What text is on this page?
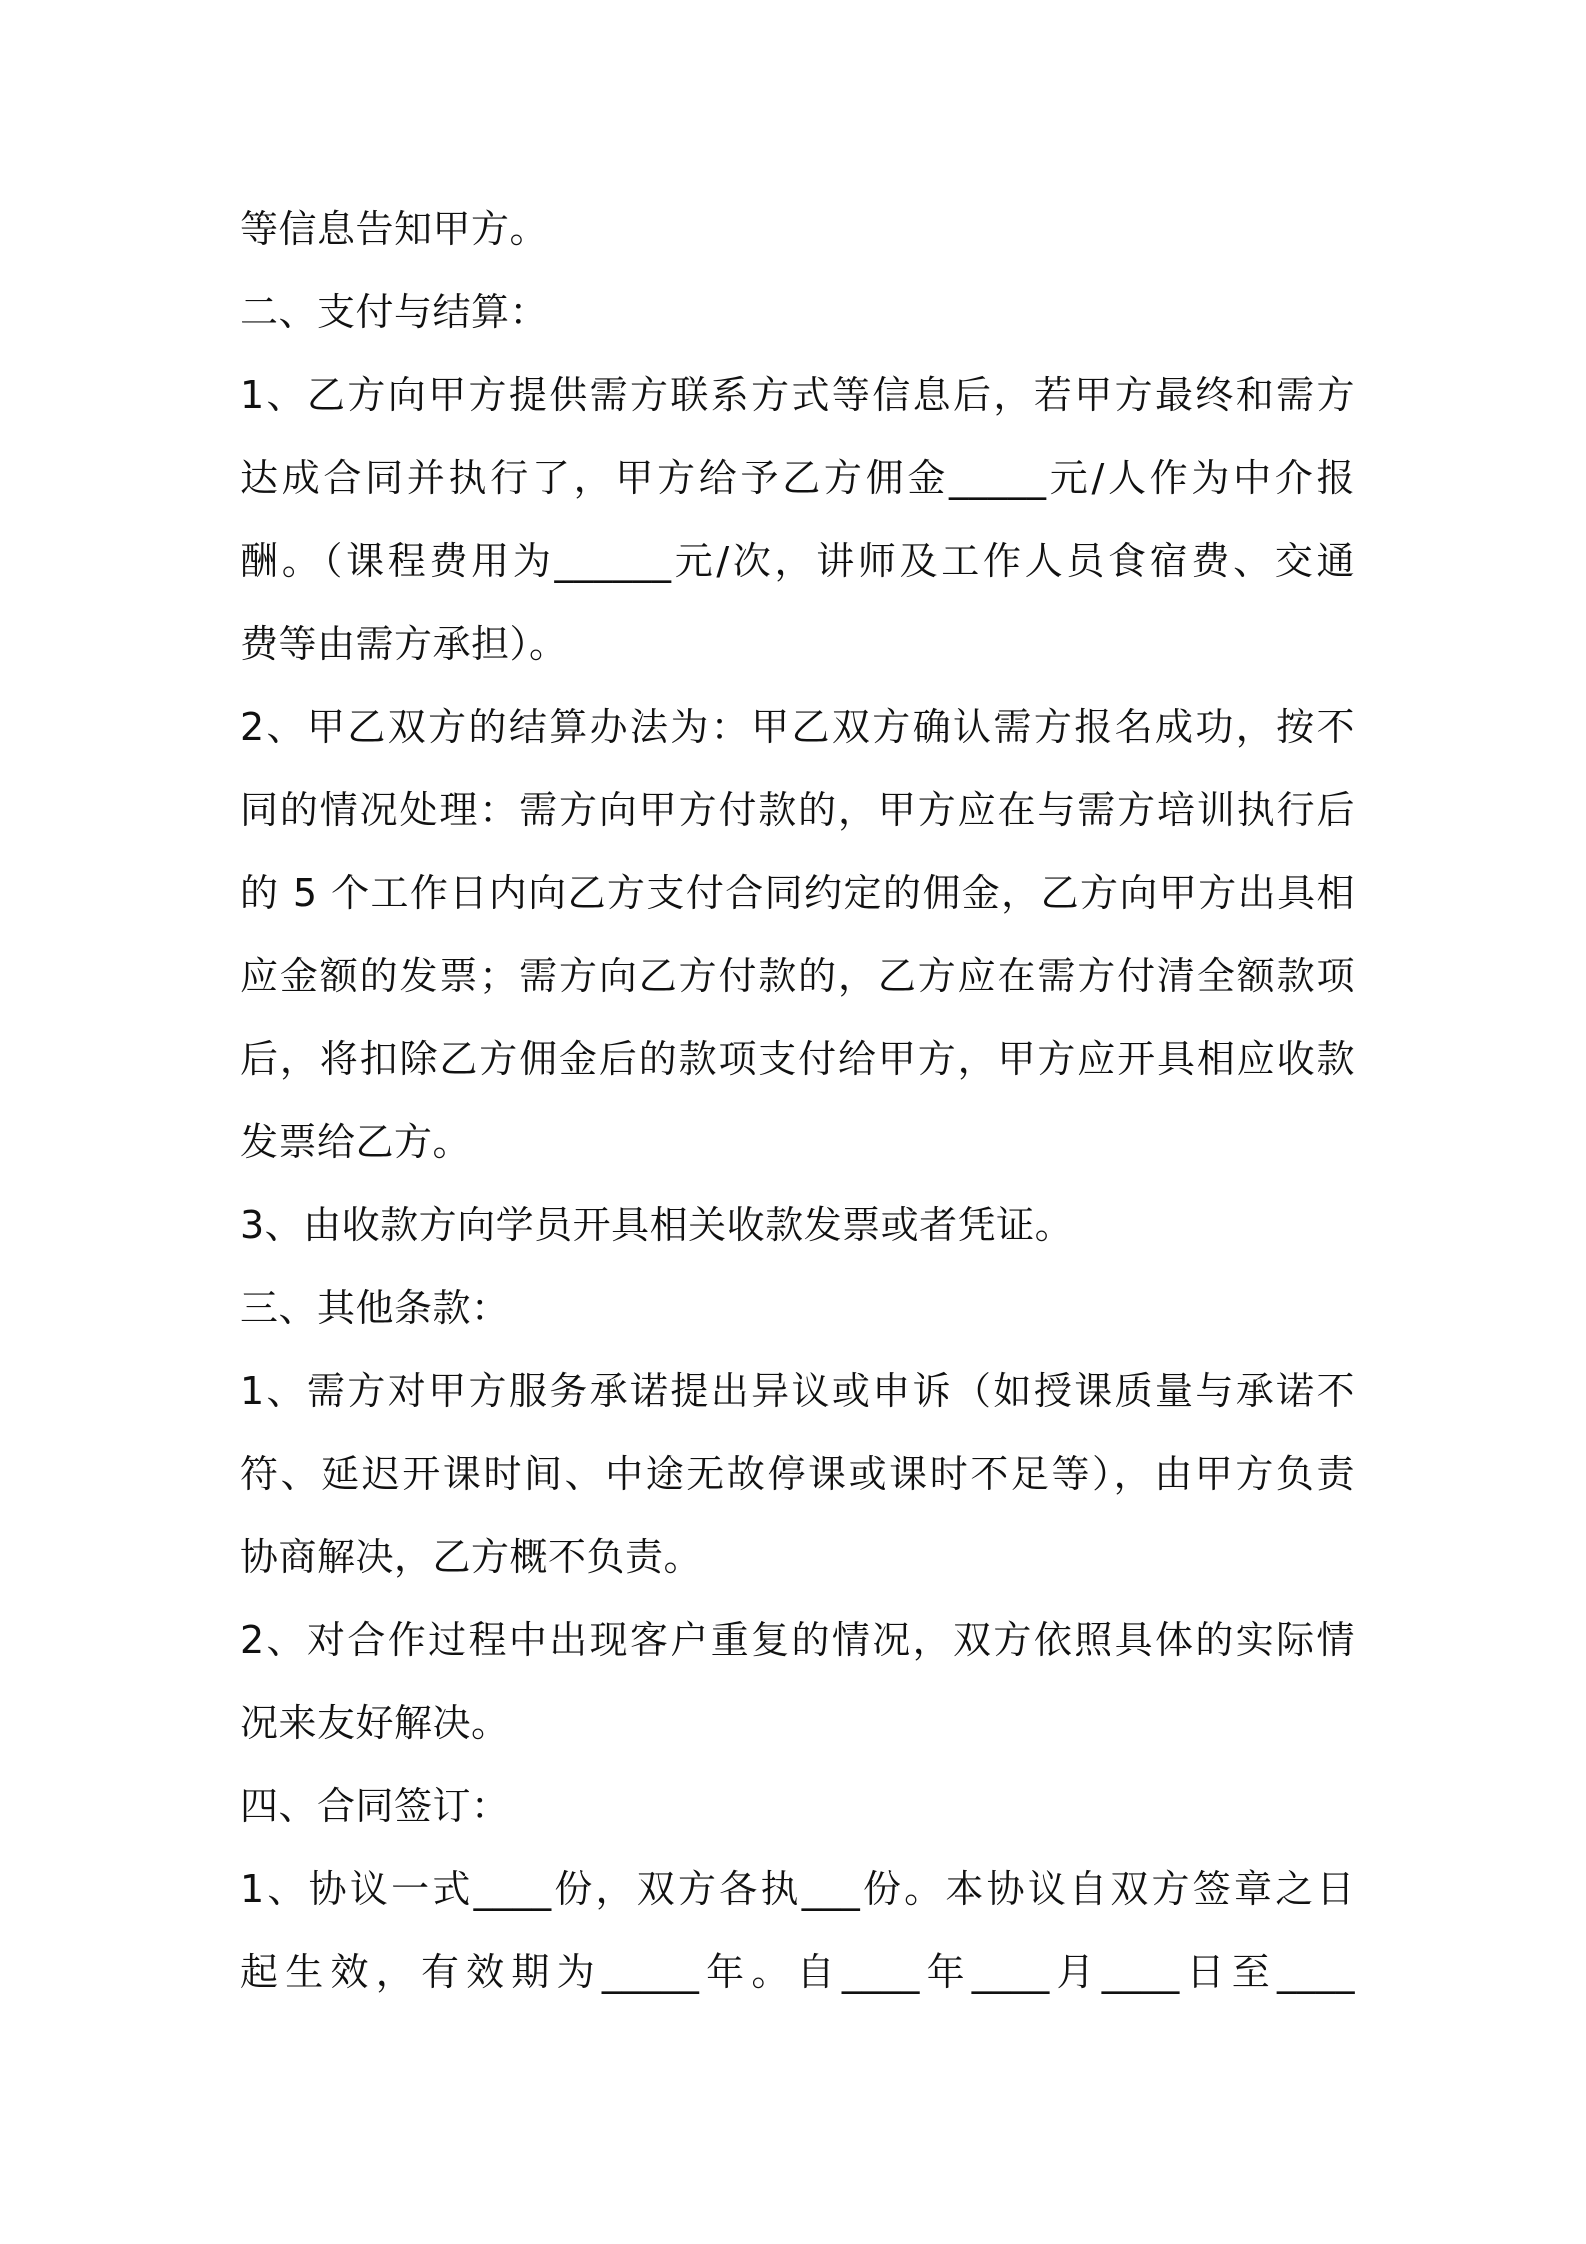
等信息告知甲方。
二、支付与结算：
1、乙方向甲方提供需方联系方式等信息后，若甲方最终和需方
达成合同并执行了，甲方给予乙方佣金_____元/人作为中介报
酬。（课程费用为______元/次，讲师及工作人员食宿费、交通
费等由需方承担）。
2、甲乙双方的结算办法为：甲乙双方确认需方报名成功，按不
同的情况处理：需方向甲方付款的，甲方应在与需方培训执行后
的 5 个工作日内向乙方支付合同约定的佣金，乙方向甲方出具相
应金额的发票；需方向乙方付款的，乙方应在需方付清全额款项
后，将扣除乙方佣金后的款项支付给甲方，甲方应开具相应收款
发票给乙方。
3、由收款方向学员开具相关收款发票或者凭证。
三、其他条款：
1、需方对甲方服务承诺提出异议或申诉（如授课质量与承诺不
符、延迟开课时间、中途无故停课或课时不足等），由甲方负责
协商解决，乙方概不负责。
2、对合作过程中出现客户重复的情况，双方依照具体的实际情
况来友好解决。
四、合同签订：
1、协议一式____份，双方各执___份。本协议自双方签章之日
起生效，有效期为_____年。自____年____月____日至____
